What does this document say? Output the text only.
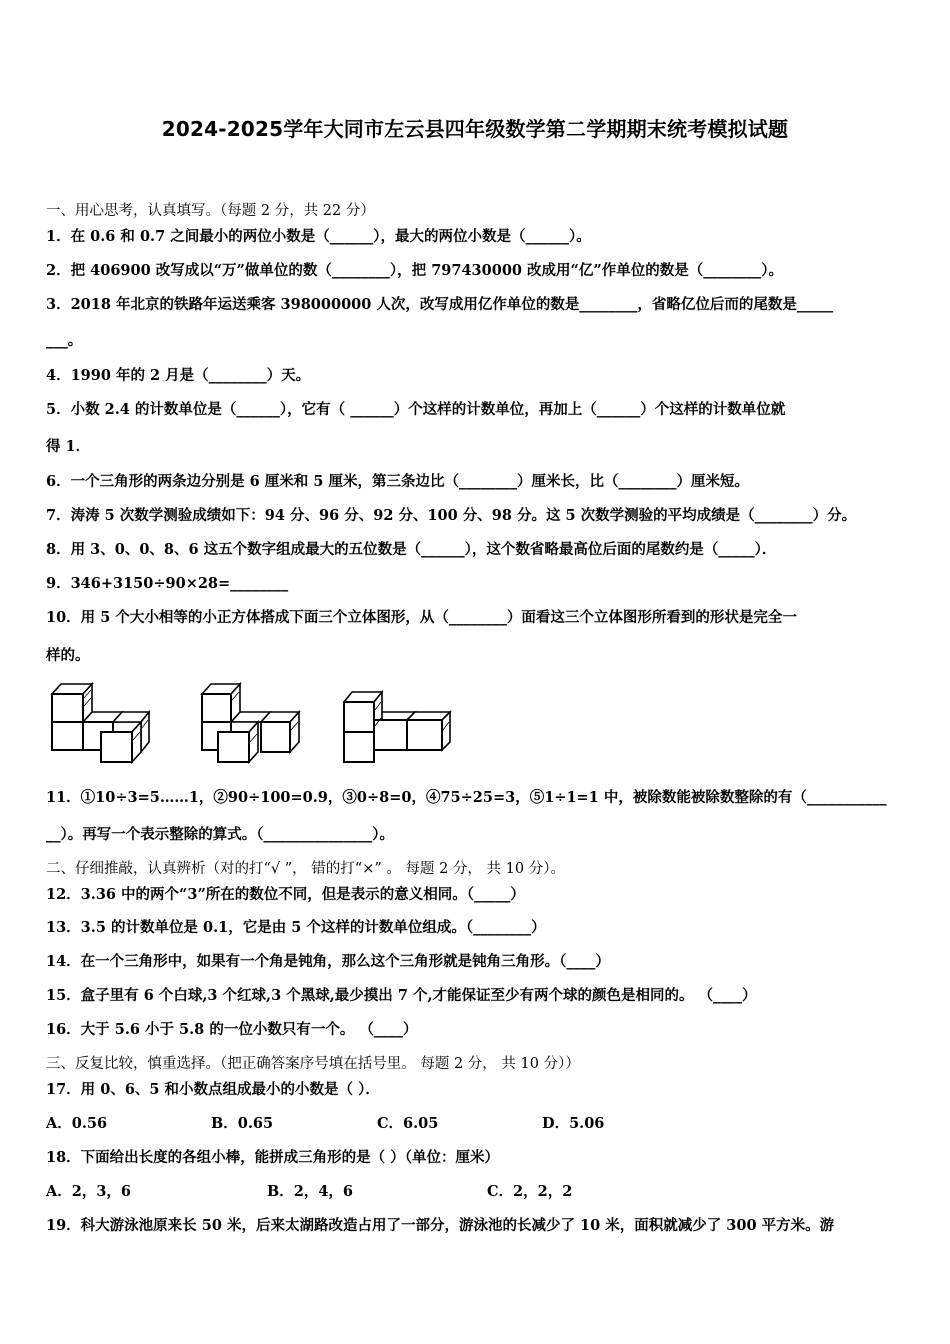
2024-2025学年大同市左云县四年级数学第二学期期末统考模拟试题
一、用心思考，认真填写。（每题 2 分，共 22 分）
1．在 0.6 和 0.7 之间最小的两位小数是（______），最大的两位小数是（______）。
2．把 406900 改写成以“万”做单位的数（________），把 797430000 改成用“亿”作单位的数是（________）。
3．2018 年北京的铁路年运送乘客 398000000 人次，改写成用亿作单位的数是________，省略亿位后而的尾数是_____
___。
4．1990 年的 2 月是（________）天。
5．小数 2.4 的计数单位是（______），它有（ ______）个这样的计数单位，再加上（______）个这样的计数单位就
得 1．
6．一个三角形的两条边分别是 6 厘米和 5 厘米，第三条边比（________）厘米长，比（________）厘米短。
7．涛涛 5 次数学测验成绩如下：94 分、96 分、92 分、100 分、98 分。这 5 次数学测验的平均成绩是（________）分。
8．用 3、0、0、8、6 这五个数字组成最大的五位数是（______），这个数省略最高位后面的尾数约是（_____）．
9．346+3150÷90×28=________
10．用 5 个大小相等的小正方体搭成下面三个立体图形，从（________）面看这三个立体图形所看到的形状是完全一
样的。
11．①10÷3=5……1，②90÷100=0.9，③0÷8=0，④75÷25=3，⑤1÷1=1 中，被除数能被除数整除的有（___________
__）。再写一个表示整除的算式。（_______________）。
二、仔细推敲，认真辨析（对的打“√ ”， 错的打“×” 。 每题 2 分， 共 10 分）。
12．3.36 中的两个“3”所在的数位不同，但是表示的意义相同。（_____）
13．3.5 的计数单位是 0.1，它是由 5 个这样的计数单位组成。（________）
14．在一个三角形中，如果有一个角是钝角，那么这个三角形就是钝角三角形。（____）
15．盒子里有 6 个白球,3 个红球,3 个黑球,最少摸出 7 个,才能保证至少有两个球的颜色是相同的。 （____）
16．大于 5.6 小于 5.8 的一位小数只有一个。 （____）
三、反复比较，慎重选择。（把正确答案序号填在括号里。 每题 2 分， 共 10 分））
17．用 0、6、5 和小数点组成最小的小数是（ ）．
A．0.56	B．0.65	C．6.05	D．5.06
18．下面给出长度的各组小棒，能拼成三角形的是（ ）（单位：厘米）
A．2，3，6	B．2，4，6	C．2，2，2
19．科大游泳池原来长 50 米，后来太湖路改造占用了一部分，游泳池的长减少了 10 米，面积就减少了 300 平方米。游
